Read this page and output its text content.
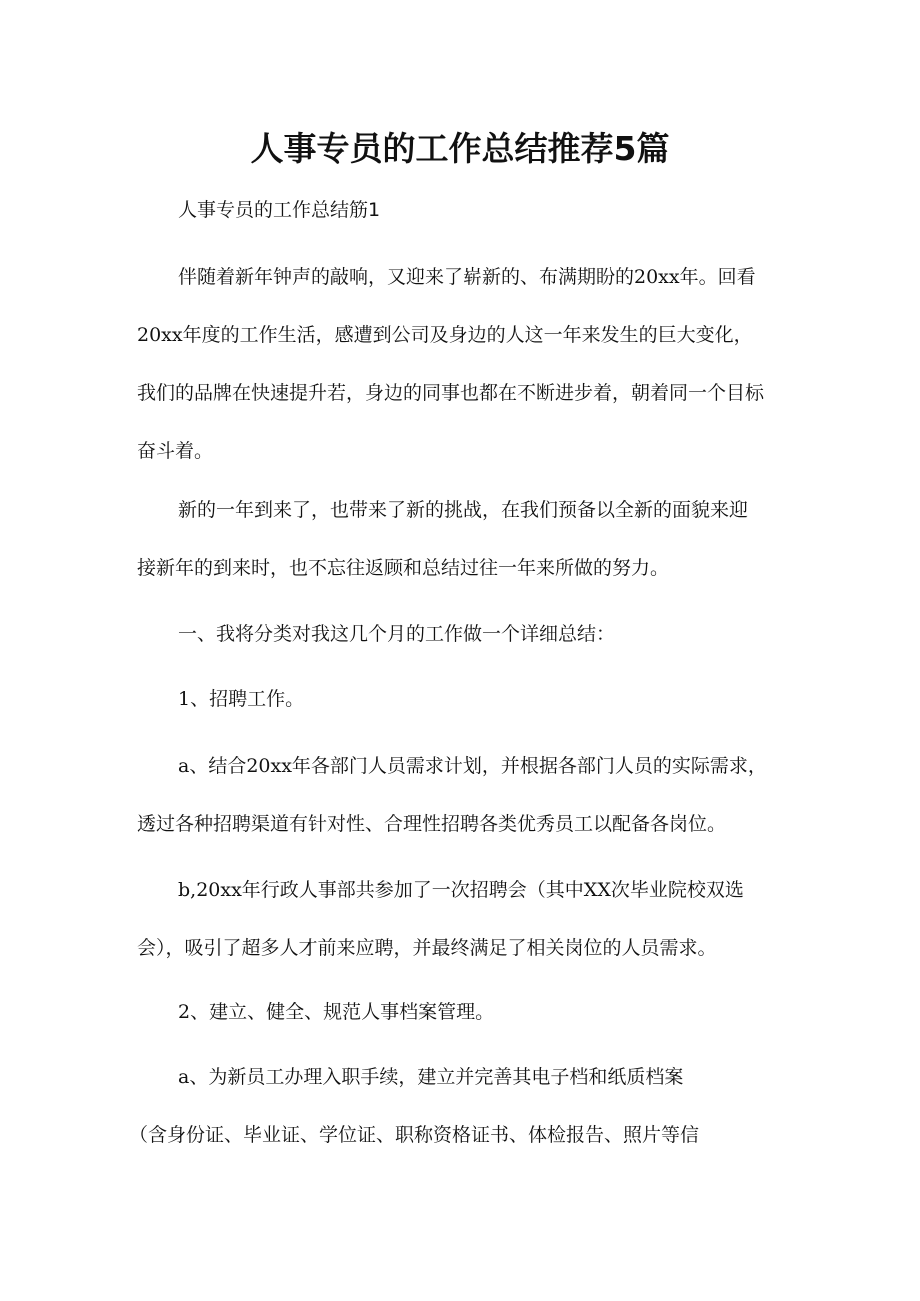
人事专员的工作总结推荐5篇

人事专员的工作总结筋1

伴随着新年钟声的敲响，又迎来了崭新的、布满期盼的20xx年。回看
20xx年度的工作生活，感遭到公司及身边的人这一年来发生的巨大变化，
我们的品牌在快速提升若，身边的同事也都在不断进步着，朝着同一个目标
奋斗着。
新的一年到来了，也带来了新的挑战，在我们预备以全新的面貌来迎
接新年的到来时，也不忘往返顾和总结过往一年来所做的努力。
一、我将分类对我这几个月的工作做一个详细总结：
1、招聘工作。
a、结合20xx年各部门人员需求计划，并根据各部门人员的实际需求，
透过各种招聘渠道有针对性、合理性招聘各类优秀员工以配备各岗位。
b,20xx年行政人事部共参加了一次招聘会（其中XX次毕业院校双选
会），吸引了超多人才前来应聘，并最终满足了相关岗位的人员需求。
2、建立、健全、规范人事档案管理。
a、为新员工办理入职手续，建立并完善其电子档和纸质档案
（含身份证、毕业证、学位证、职称资格证书、体检报告、照片等信
